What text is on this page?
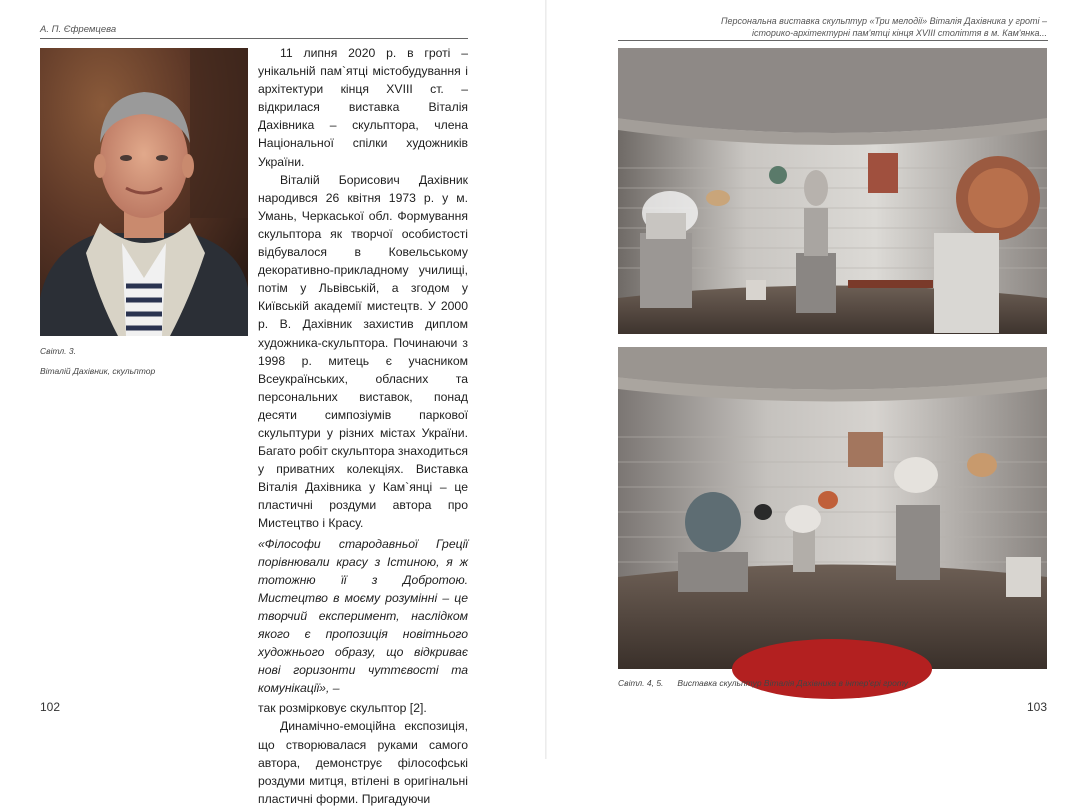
А. П. Єфремцева
Світл. 3.
Віталій Дахівник, скульптор

11 липня 2020 р. в гроті – унікальній пам`ятці містобудування і архітектури кінця XVIII ст. – відкрилася виставка Віталія Дахівника – скульптора, члена Національної спілки художників України.

Віталій Борисович Дахівник народився 26 квітня 1973 р. у м. Умань, Черкаської обл. Формування скульптора як творчої особистості відбувалося в Ковельському декоративно-прикладному училищі, потім у Львівській, а згодом у Київській академії мистецтв. У 2000 р. В. Дахівник захистив диплом художника-скульптора. Починаючи з 1998 р. митець є учасником Всеукраїнських, обласних та персональних виставок, понад десяти симпозіумів паркової скульптури у різних містах України. Багато робіт скульптора знаходиться у приватних колекціях. Виставка Віталія Дахівника у Кам`янці – це пластичні роздуми автора про Мистецтво і Красу.

«Філософи стародавньої Греції порівнювали красу з Істиною, я ж тотожню її з Добротою. Мистецтво в моєму розумінні – це творчий експеримент, наслідком якого є пропозиція новітнього художнього образу, що відкриває нові горизонти чуттєвості та комунікації», –

так розмірковує скульптор [2].

Динамічно-емоційна експозиція, що створювалася руками самого автора, демонструє філософські роздуми митця, втілені в оригінальні пластичні форми. Пригадуючи

102
Персональна виставка скульптур «Три мелодії» Віталія Дахівника у гроті –
історико-архітектурні пам'ятці кінця XVIII століття в м. Кам'янка...
Світл. 4, 5. Виставка скульптур Віталія Дахівника в інтер'єрі гроту
103
